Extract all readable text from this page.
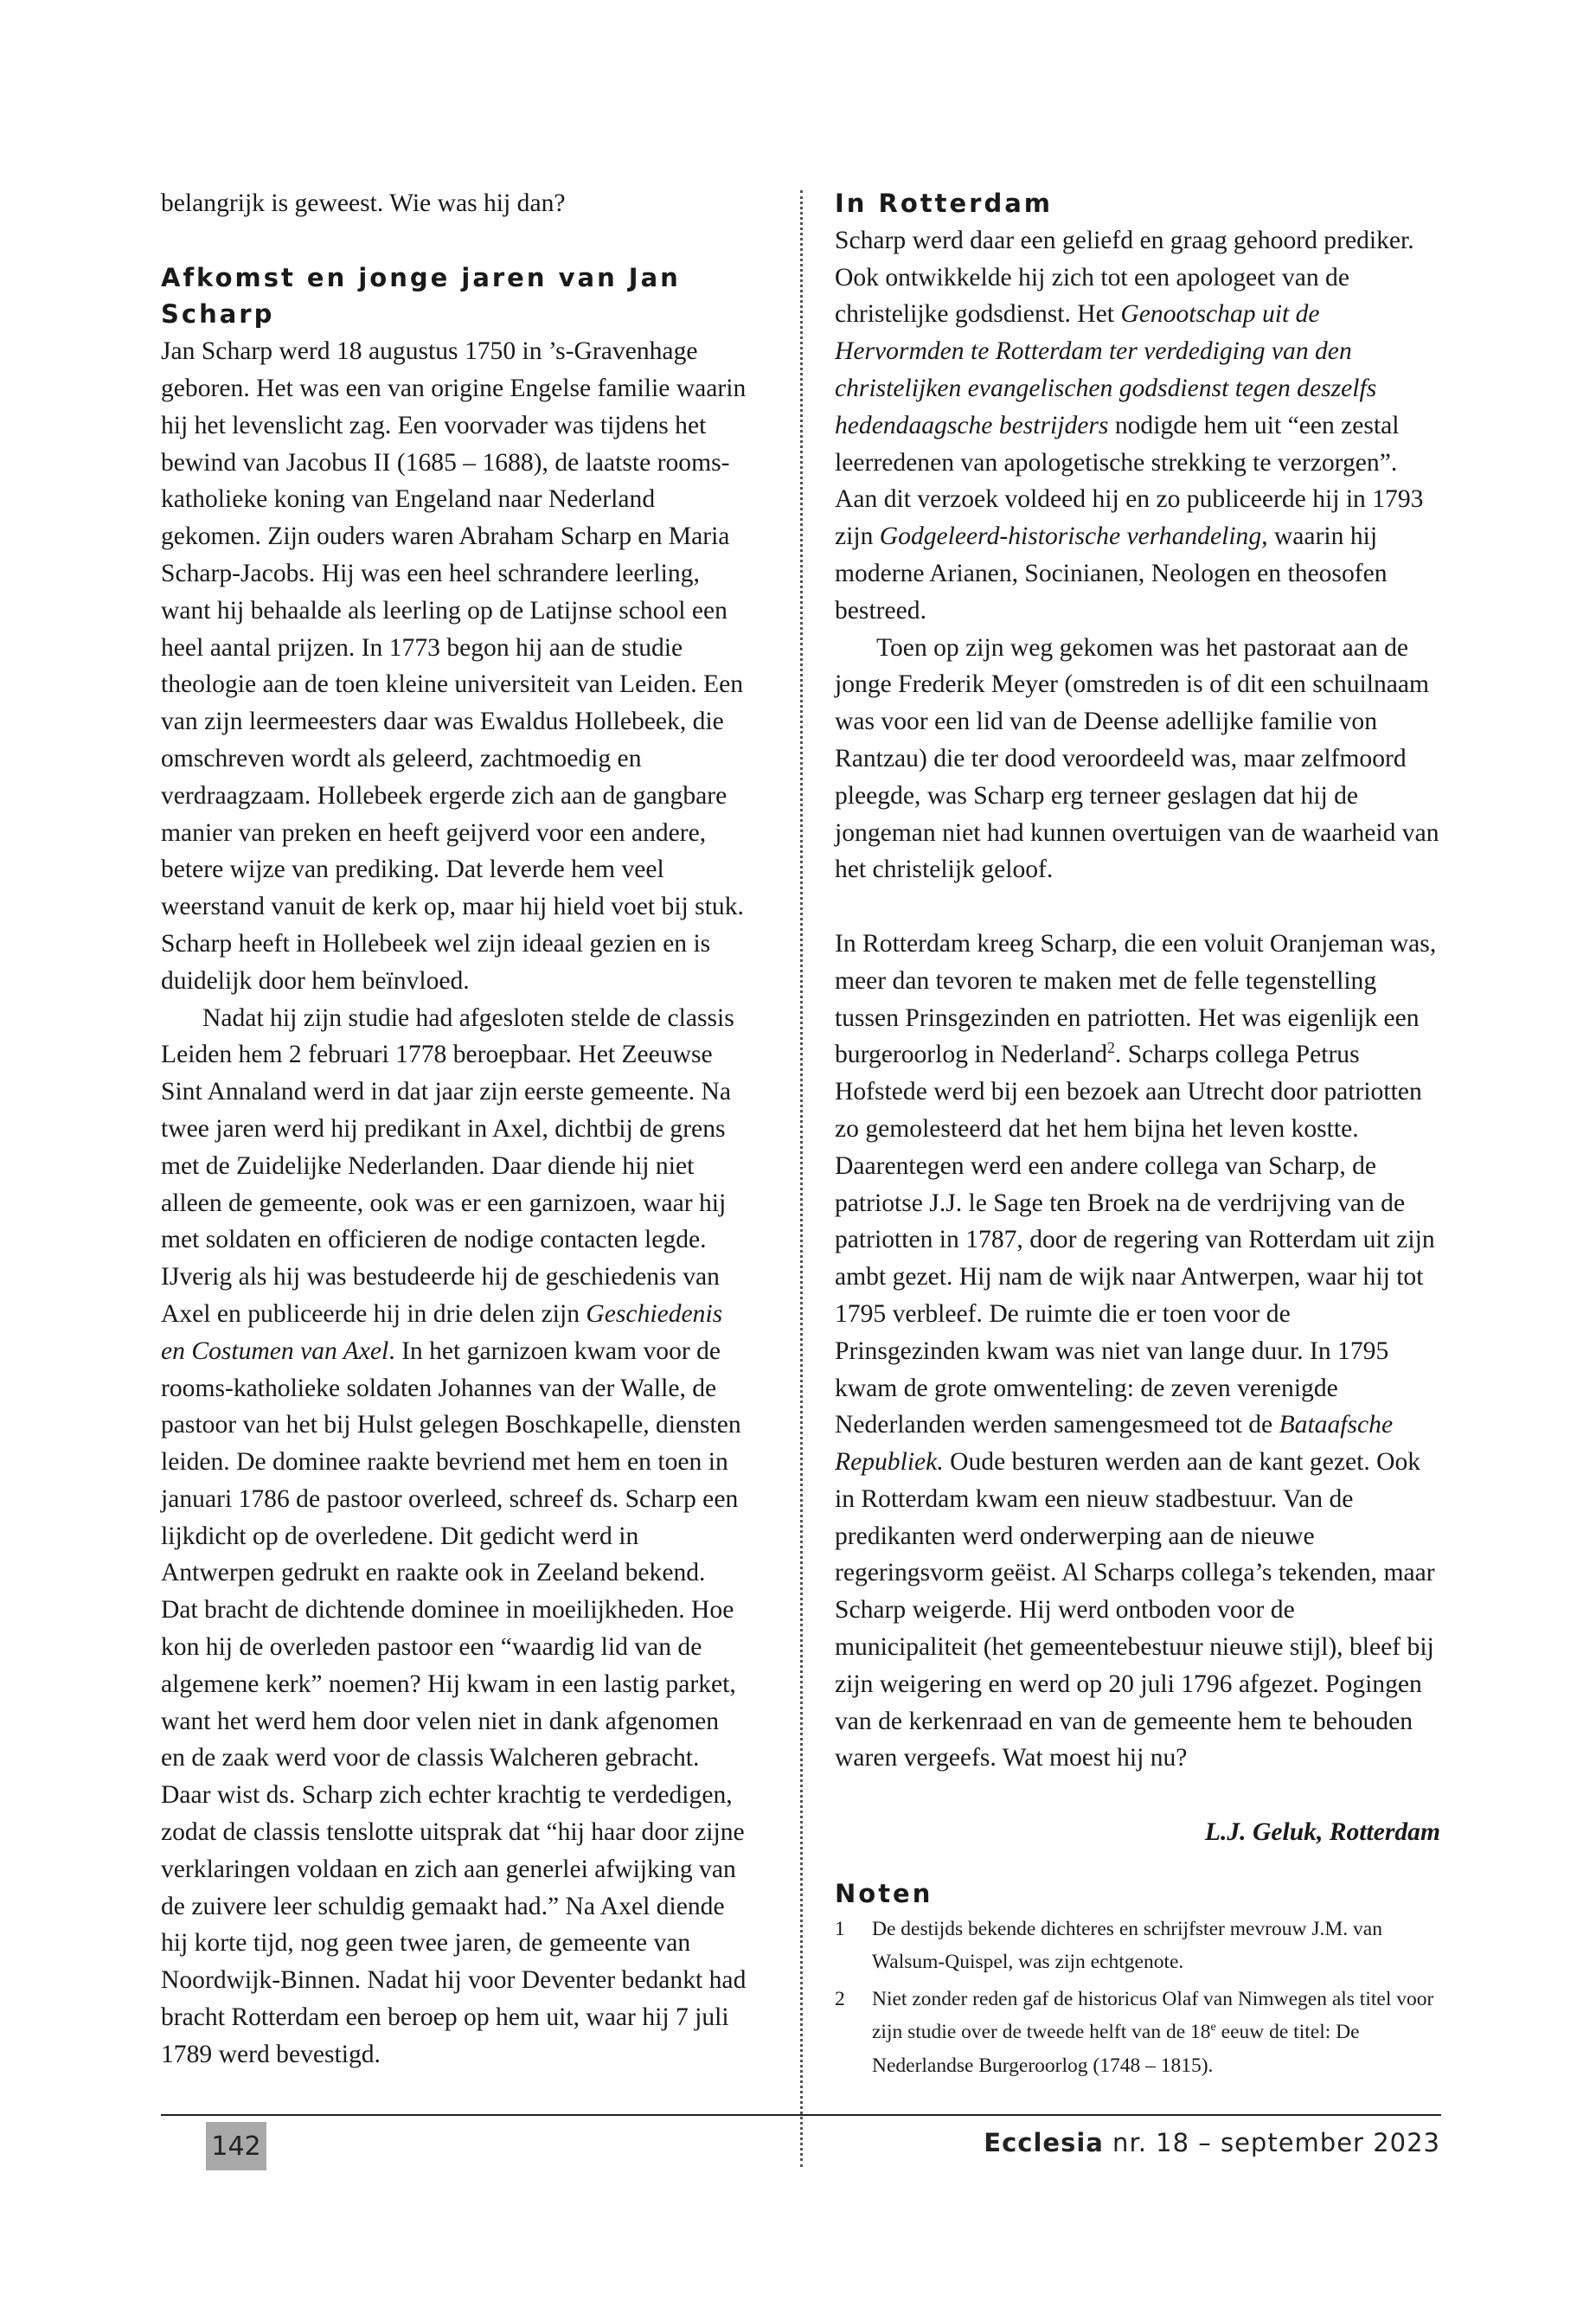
belangrijk is geweest. Wie was hij dan?

Afkomst en jonge jaren van Jan Scharp

Jan Scharp werd 18 augustus 1750 in ’s-Gravenhage geboren. Het was een van origine Engelse familie waarin hij het levenslicht zag. Een voorvader was tijdens het bewind van Jacobus II (1685 – 1688), de laatste rooms-katholieke koning van Engeland naar Nederland gekomen. Zijn ouders waren Abraham Scharp en Maria Scharp-Jacobs. Hij was een heel schrandere leerling, want hij behaalde als leerling op de Latijnse school een heel aantal prijzen. In 1773 begon hij aan de studie theologie aan de toen kleine universiteit van Leiden. Een van zijn leermeesters daar was Ewaldus Hollebeek, die omschreven wordt als geleerd, zachtmoedig en verdraagzaam. Hollebeek ergerde zich aan de gangbare manier van preken en heeft geijverd voor een andere, betere wijze van prediking. Dat leverde hem veel weerstand vanuit de kerk op, maar hij hield voet bij stuk. Scharp heeft in Hollebeek wel zijn ideaal gezien en is duidelijk door hem beïnvloed.

Nadat hij zijn studie had afgesloten stelde de classis Leiden hem 2 februari 1778 beroepbaar. Het Zeeuwse Sint Annaland werd in dat jaar zijn eerste gemeente. Na twee jaren werd hij predikant in Axel, dichtbij de grens met de Zuidelijke Nederlanden. Daar diende hij niet alleen de gemeente, ook was er een garnizoen, waar hij met soldaten en officieren de nodige contacten legde. IJverig als hij was bestudeerde hij de geschiedenis van Axel en publiceerde hij in drie delen zijn Geschiedenis en Costumen van Axel. In het garnizoen kwam voor de rooms-katholieke soldaten Johannes van der Walle, de pastoor van het bij Hulst gelegen Boschkapelle, diensten leiden. De dominee raakte bevriend met hem en toen in januari 1786 de pastoor overleed, schreef ds. Scharp een lijkdicht op de overledene. Dit gedicht werd in Antwerpen gedrukt en raakte ook in Zeeland bekend. Dat bracht de dichtende dominee in moeilijkheden. Hoe kon hij de overleden pastoor een “waardig lid van de algemene kerk” noemen? Hij kwam in een lastig parket, want het werd hem door velen niet in dank afgenomen en de zaak werd voor de classis Walcheren gebracht. Daar wist ds. Scharp zich echter krachtig te verdedigen, zodat de classis tenslotte uitsprak dat “hij haar door zijne verklaringen voldaan en zich aan generlei afwijking van de zuivere leer schuldig gemaakt had.” Na Axel diende hij korte tijd, nog geen twee jaren, de gemeente van Noordwijk-Binnen. Nadat hij voor Deventer bedankt had bracht Rotterdam een beroep op hem uit, waar hij 7 juli 1789 werd bevestigd.

In Rotterdam

Scharp werd daar een geliefd en graag gehoord prediker. Ook ontwikkelde hij zich tot een apologeet van de christelijke godsdienst. Het Genootschap uit de Hervormden te Rotterdam ter verdediging van den christelijken evangelischen godsdienst tegen deszelfs hedendaagsche bestrijders nodigde hem uit “een zestal leerredenen van apologetische strekking te verzorgen”. Aan dit verzoek voldeed hij en zo publiceerde hij in 1793 zijn Godgeleerd-historische verhandeling, waarin hij moderne Arianen, Socinianen, Neologen en theosofen bestreed.

Toen op zijn weg gekomen was het pastoraat aan de jonge Frederik Meyer (omstreden is of dit een schuilnaam was voor een lid van de Deense adellijke familie von Rantzau) die ter dood veroordeeld was, maar zelfmoord pleegde, was Scharp erg terneer geslagen dat hij de jongeman niet had kunnen overtuigen van de waarheid van het christelijk geloof.

In Rotterdam kreeg Scharp, die een voluit Oranjeman was, meer dan tevoren te maken met de felle tegenstelling tussen Prinsgezinden en patriotten. Het was eigenlijk een burgeroorlog in Nederland$^2$. Scharps collega Petrus Hofstede werd bij een bezoek aan Utrecht door patriotten zo gemolesteerd dat het hem bijna het leven kostte. Daarentegen werd een andere collega van Scharp, de patriotse J.J. le Sage ten Broek na de verdrijving van de patriotten in 1787, door de regering van Rotterdam uit zijn ambt gezet. Hij nam de wijk naar Antwerpen, waar hij tot 1795 verbleef. De ruimte die er toen voor de Prinsgezinden kwam was niet van lange duur. In 1795 kwam de grote omwenteling: de zeven verenigde Nederlanden werden samengesmeed tot de Bataafsche Republiek. Oude besturen werden aan de kant gezet. Ook in Rotterdam kwam een nieuw stadbestuur. Van de predikanten werd onderwerping aan de nieuwe regeringsvorm geëist. Al Scharps collega’s tekenden, maar Scharp weigerde. Hij werd ontboden voor de municipaliteit (het gemeentebestuur nieuwe stijl), bleef bij zijn weigering en werd op 20 juli 1796 afgezet. Pogingen van de kerkenraad en van de gemeente hem te behouden waren vergeefs. Wat moest hij nu?

L.J. Geluk, Rotterdam

Noten
1	De destijds bekende dichteres en schrijfster mevrouw J.M. van Walsum-Quispel, was zijn echtgenote.
2	Niet zonder reden gaf de historicus Olaf van Nimwegen als titel voor zijn studie over de tweede helft van de 18e eeuw de titel: De Nederlandse Burgeroorlog (1748 – 1815).
142	Ecclesia nr. 18 – september 2023
